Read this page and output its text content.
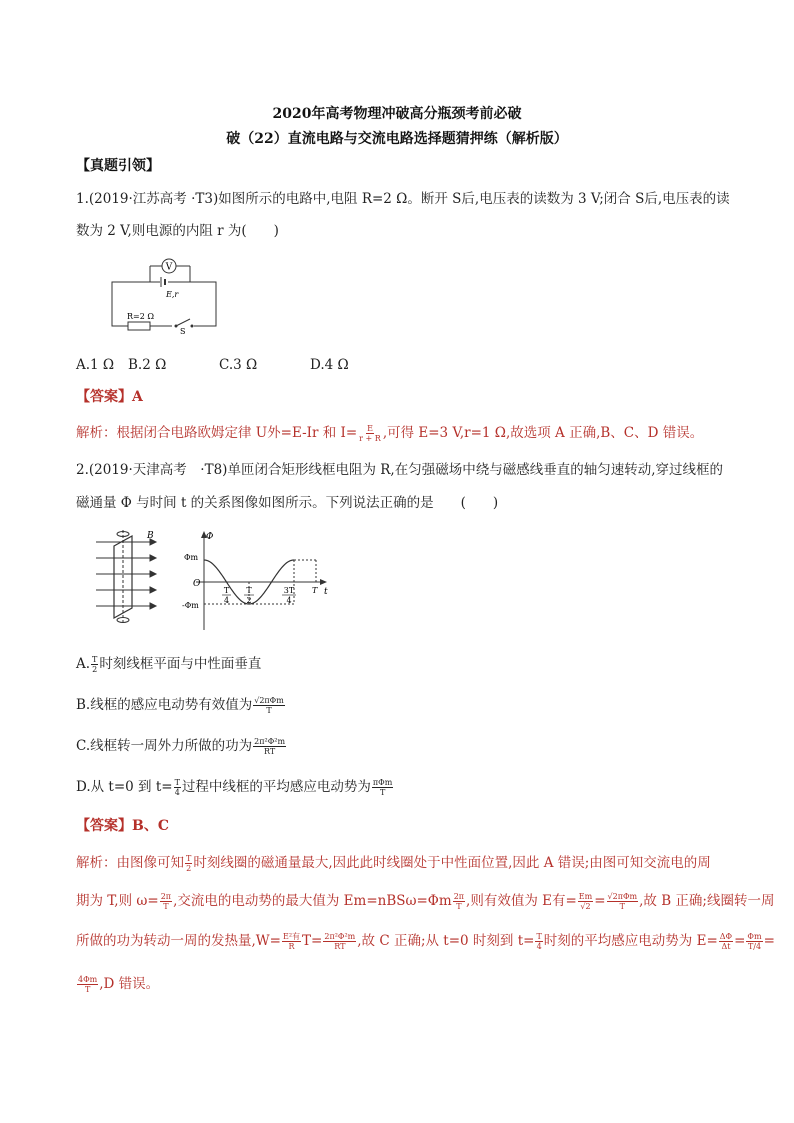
2020年高考物理冲破高分瓶颈考前必破
破（22）直流电路与交流电路选择题猜押练（解析版）
【真题引领】
1.(2019·江苏高考 ·T3)如图所示的电路中,电阻 R=2 Ω。断开 S后,电压表的读数为 3 V;闭合 S后,电压表的读
数为 2 V,则电源的内阻 r 为(　　)
V
E,r
R=2 Ω
S
A.1 Ω B.2 Ω	C.3 Ω	D.4 Ω
【答案】A
解析：根据闭合电路欧姆定律 U外=E-Ir 和 $I= \frac{E}{r + R}$ ,可得 E=3 V,r=1 Ω,故选项 A 正确,B、C、D 错误。
2.(2019·天津高考　·T8)单匝闭合矩形线框电阻为 R,在匀强磁场中绕与磁感线垂直的轴匀速转动,穿过线框的
磁通量 Φ 与时间 t 的关系图像如图所示。下列说法正确的是　　(　　)
B	Φ
t
O
Φm
-Φm
T
4
T
2
3T
4
T
A. $\frac{T}{2}$ 时刻线框平面与中性面垂直
B.线框的感应电动势有效值为 $\frac{\text{√2πΦm}}{T}$
C.线框转一周外力所做的功为 $\frac{\text{2π²Φ²m}}{RT}$
D.从 t=0 到 $t= \frac{T}{4}$ 过程中线框的平均感应电动势为 $\frac{\text{πΦm}}{T}$
【答案】B、C
解析：由图像可知 $\frac{T}{2}$ 时刻线圈的磁通量最大,因此此时线圈处于中性面位置,因此 A 错误;由图可知交流电的周
期为 T,则 $\omega= \frac{2\pi}{T}$ ,交流电的电动势的最大值为 $Em=nBS\omega=\Phi m \frac{2\pi}{T}$ ,则有效值为 E有= $\frac{Em}{√2} = \frac{\text{√2πΦm}}{T}$ ,故 B 正确;线圈转一周
所做的功为转动一周的发热量$,W= \frac{\text{E²有}}{R} T= \frac{\text{2π²Φ²m}}{RT}$ ,故 C 正确;从 t=0 时刻到 $t= \frac{T}{4}$ 时刻的平均感应电动势为 $E= \frac{\Delta\Phi}{\Delta t} = \frac{\Phi m}{T/4}$ =
$\frac{4\Phi m}{T} ,D$ 错误。
